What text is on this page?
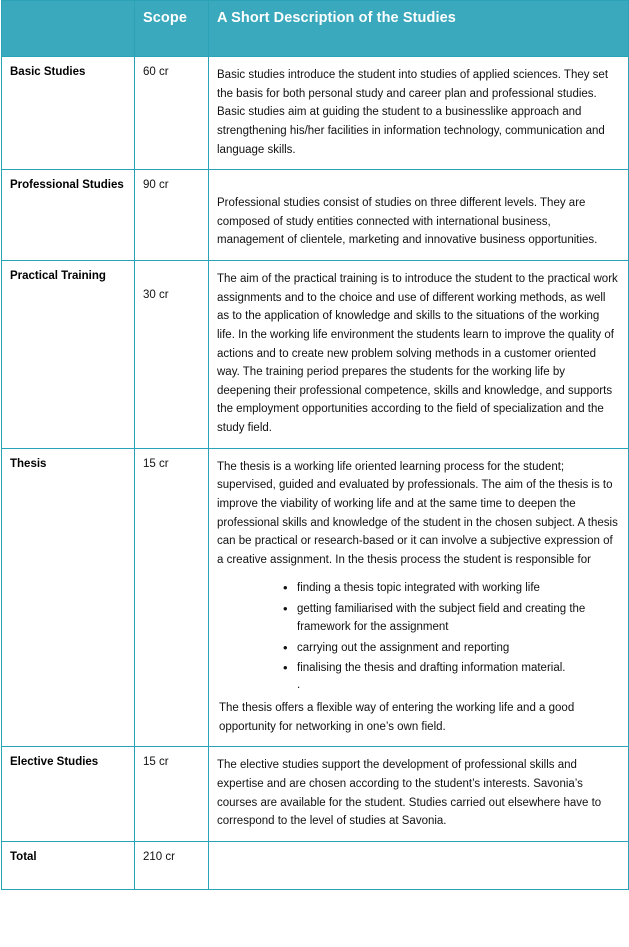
	Scope	A Short Description of the Studies
Basic Studies	60 cr	Basic studies introduce the student into studies of applied sciences. They set the basis for both personal study and career plan and professional studies. Basic studies aim at guiding the student to a businesslike approach and strengthening his/her facilities in information technology, communication and language skills.
Professional Studies	90 cr	Professional studies consist of studies on three different levels. They are composed of study entities connected with international business, management of clientele, marketing and innovative business opportunities.
Practical Training	30 cr	The aim of the practical training is to introduce the student to the practical work assignments and to the choice and use of different working methods, as well as to the application of knowledge and skills to the situations of the working life. In the working life environment the students learn to improve the quality of actions and to create new problem solving methods in a customer oriented way. The training period prepares the students for the working life by deepening their professional competence, skills and knowledge, and supports the employment opportunities according to the field of specialization and the study field.
Thesis	15 cr	The thesis is a working life oriented learning process for the student; supervised, guided and evaluated by professionals. The aim of the thesis is to improve the viability of working life and at the same time to deepen the professional skills and knowledge of the student in the chosen subject. A thesis can be practical or research-based or it can involve a subjective expression of a creative assignment. In the thesis process the student is responsible for

• finding a thesis topic integrated with working life
• getting familiarised with the subject field and creating the framework for the assignment
• carrying out the assignment and reporting
• finalising the thesis and drafting information material.

.

The thesis offers a flexible way of entering the working life and a good opportunity for networking in one’s own field.

Elective Studies	15 cr	The elective studies support the development of professional skills and expertise and are chosen according to the student’s interests. Savonia’s courses are available for the student. Studies carried out elsewhere have to correspond to the level of studies at Savonia.
Total	210 cr	
